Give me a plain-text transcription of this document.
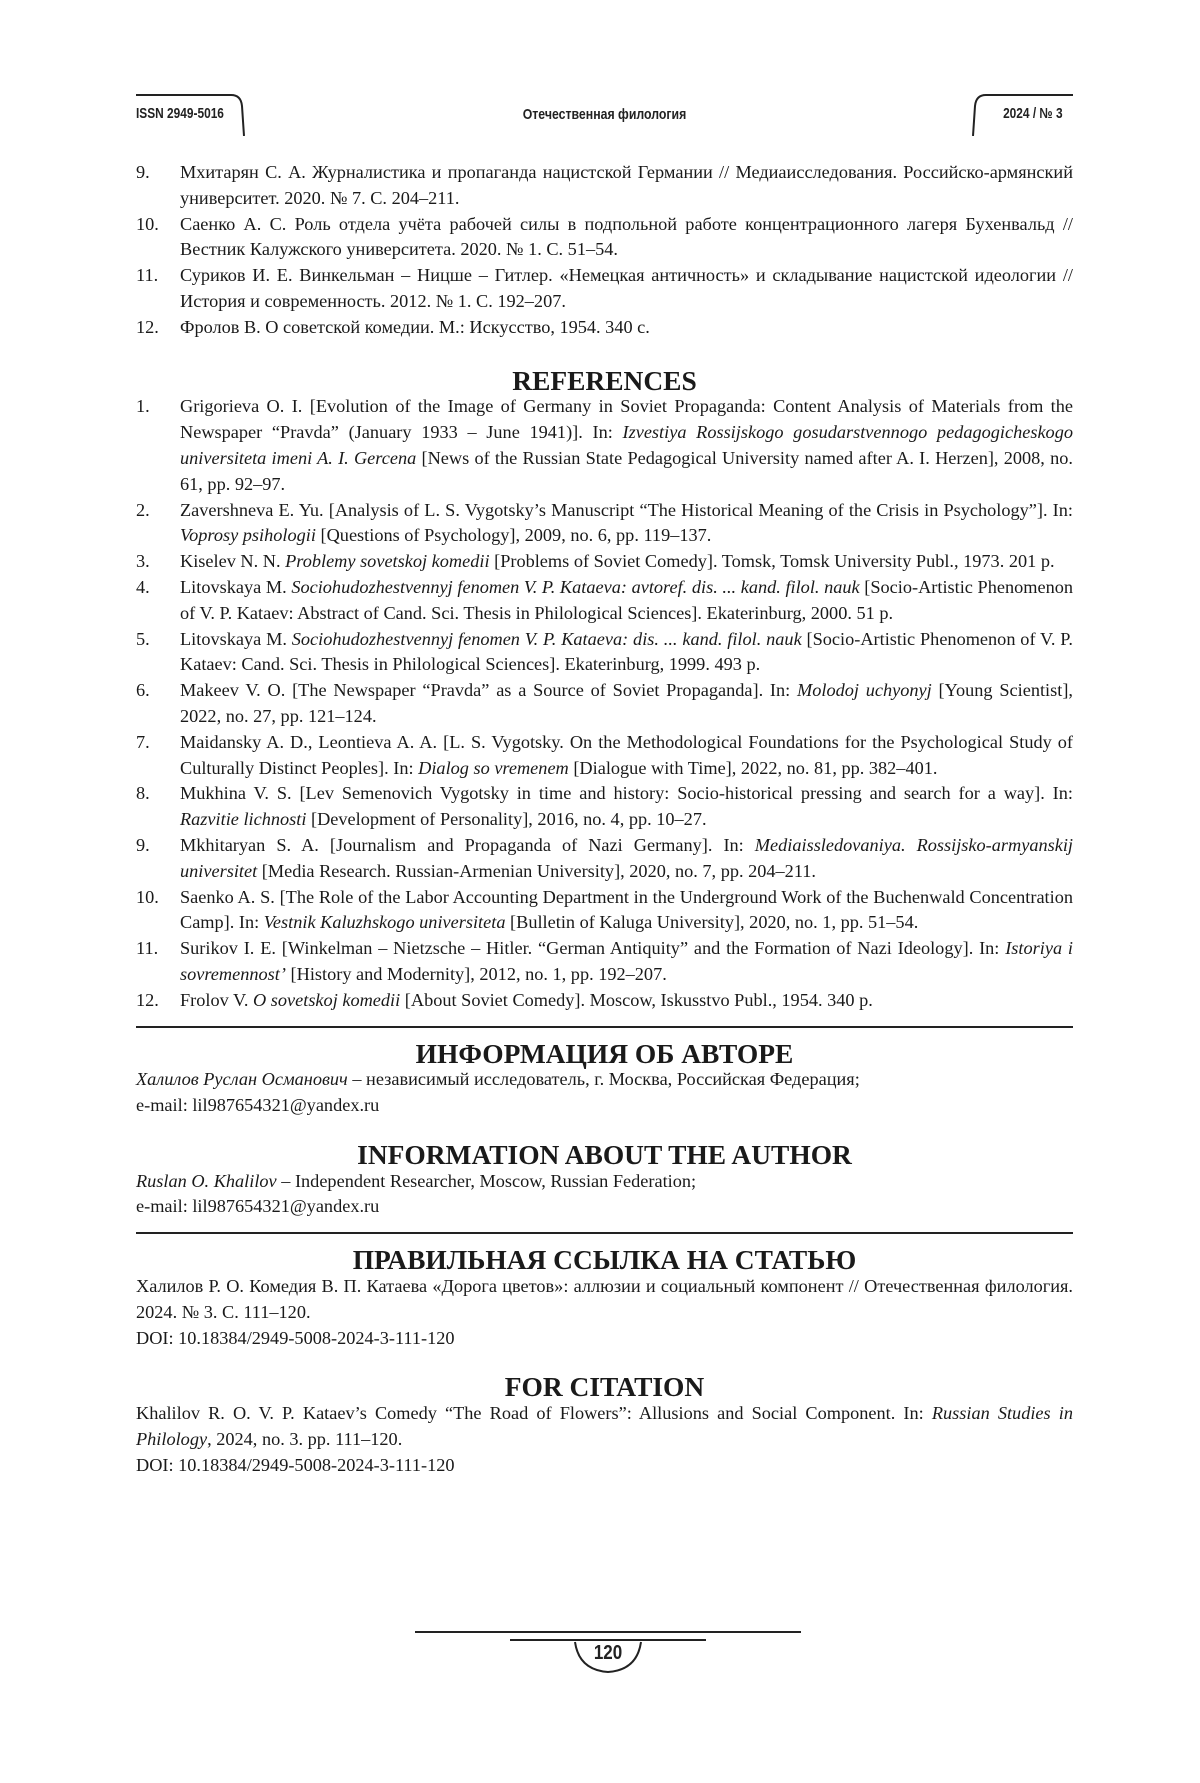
ISSN 2949-5016	Отечественная филология	2024 / № 3
9. Мхитарян С. А. Журналистика и пропаганда нацистской Германии // Медиаисследования. Российско-армянский университет. 2020. № 7. С. 204–211.

10. Саенко А. С. Роль отдела учёта рабочей силы в подпольной работе концентрационного лагеря Бухенвальд // Вестник Калужского университета. 2020. № 1. С. 51–54.

11. Суриков И. Е. Винкельман – Ницше – Гитлер. «Немецкая античность» и складывание нацистской идеологии // История и современность. 2012. № 1. С. 192–207.

12. Фролов В. О советской комедии. М.: Искусство, 1954. 340 с.

REFERENCES
1. Grigorieva O. I. [Evolution of the Image of Germany in Soviet Propaganda: Content Analysis of Materials from the Newspaper “Pravda” (January 1933 – June 1941)]. In: Izvestiya Rossijskogo gosudarstvennogo pedagogicheskogo universiteta imeni A. I. Gercena [News of the Russian State Pedagogical University named after A. I. Herzen], 2008, no. 61, pp. 92–97.

2. Zavershneva E. Yu. [Analysis of L. S. Vygotsky’s Manuscript “The Historical Meaning of the Crisis in Psychology”]. In: Voprosy psihologii [Questions of Psychology], 2009, no. 6, pp. 119–137.

3. Kiselev N. N. Problemy sovetskoj komedii [Problems of Soviet Comedy]. Tomsk, Tomsk University Publ., 1973. 201 p.

4. Litovskaya M. Sociohudozhestvennyj fenomen V. P. Kataeva: avtoref. dis. ... kand. filol. nauk [Socio-Artistic Phenomenon of V. P. Kataev: Abstract of Cand. Sci. Thesis in Philological Sciences]. Ekaterinburg, 2000. 51 p.

5. Litovskaya M. Sociohudozhestvennyj fenomen V. P. Kataeva: dis. ... kand. filol. nauk [Socio-Artistic Phenomenon of V. P. Kataev: Cand. Sci. Thesis in Philological Sciences]. Ekaterinburg, 1999. 493 p.

6. Makeev V. O. [The Newspaper “Pravda” as a Source of Soviet Propaganda]. In: Molodoj uchyonyj [Young Scientist], 2022, no. 27, pp. 121–124.

7. Maidansky A. D., Leontieva A. A. [L. S. Vygotsky. On the Methodological Foundations for the Psychological Study of Culturally Distinct Peoples]. In: Dialog so vremenem [Dialogue with Time], 2022, no. 81, pp. 382–401.

8. Mukhina V. S. [Lev Semenovich Vygotsky in time and history: Socio-historical pressing and search for a way]. In: Razvitie lichnosti [Development of Personality], 2016, no. 4, pp. 10–27.

9. Mkhitaryan S. A. [Journalism and Propaganda of Nazi Germany]. In: Mediaissledovaniya. Rossijsko-armyanskij universitet [Media Research. Russian-Armenian University], 2020, no. 7, pp. 204–211.

10. Saenko A. S. [The Role of the Labor Accounting Department in the Underground Work of the Buchenwald Concentration Camp]. In: Vestnik Kaluzhskogo universiteta [Bulletin of Kaluga University], 2020, no. 1, pp. 51–54.

11. Surikov I. E. [Winkelman – Nietzsche – Hitler. “German Antiquity” and the Formation of Nazi Ideology]. In: Istoriya i sovremennost’ [History and Modernity], 2012, no. 1, pp. 192–207.

12. Frolov V. O sovetskoj komedii [About Soviet Comedy]. Moscow, Iskusstvo Publ., 1954. 340 p.

ИНФОРМАЦИЯ ОБ АВТОРЕ

Халилов Руслан Османович – независимый исследователь, г. Москва, Российская Федерация;
e-mail: lil987654321@yandex.ru

INFORMATION ABOUT THE AUTHOR

Ruslan O. Khalilov – Independent Researcher, Moscow, Russian Federation;
e-mail: lil987654321@yandex.ru

ПРАВИЛЬНАЯ ССЫЛКА НА СТАТЬЮ

Халилов Р. О. Комедия В. П. Катаева «Дорога цветов»: аллюзии и социальный компонент // Отечественная филология. 2024. № 3. С. 111–120.
DOI: 10.18384/2949-5008-2024-3-111-120

FOR CITATION

Khalilov R. O. V. P. Kataev’s Comedy “The Road of Flowers”: Allusions and Social Component. In: Russian Studies in Philology, 2024, no. 3. pp. 111–120.
DOI: 10.18384/2949-5008-2024-3-111-120

120
